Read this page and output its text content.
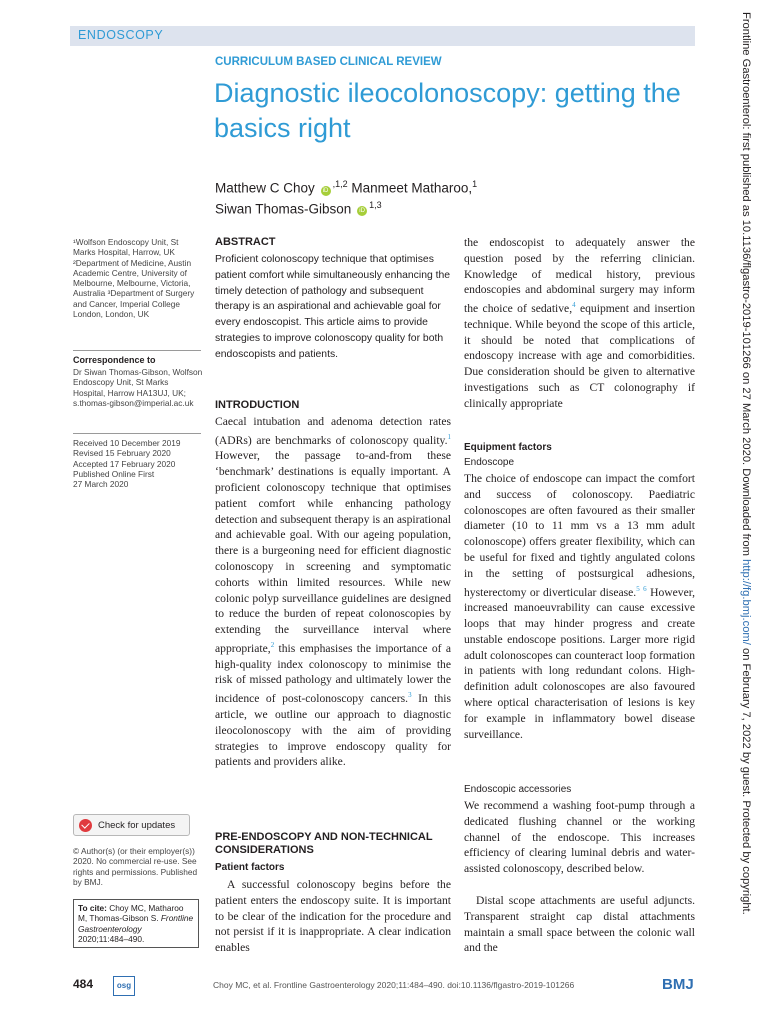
ENDOSCOPY
CURRICULUM BASED CLINICAL REVIEW
Diagnostic ileocolonoscopy: getting the basics right
Matthew C Choy $iD^{,1,2}$ Manmeet Matharoo,$^1$
Siwan Thomas-Gibson iD$^{1,3}$
¹Wolfson Endoscopy Unit, St Marks Hospital, Harrow, UK ²Department of Medicine, Austin Academic Centre, University of Melbourne, Melbourne, Victoria, Australia ³Department of Surgery and Cancer, Imperial College London, London, UK
Correspondence to
Dr Siwan Thomas-Gibson, Wolfson Endoscopy Unit, St Marks Hospital, Harrow HA13UJ, UK; s.thomas-gibson@imperial.ac.uk
Received 10 December 2019
Revised 15 February 2020
Accepted 17 February 2020
Published Online First
27 March 2020
Check for updates
© Author(s) (or their employer(s)) 2020. No commercial re-use. See rights and permissions. Published by BMJ.
To cite: Choy MC, Matharoo M, Thomas-Gibson S. Frontline Gastroenterology 2020;11:484–490.
ABSTRACT

Proficient colonoscopy technique that optimises patient comfort while simultaneously enhancing the timely detection of pathology and subsequent therapy is an aspirational and achievable goal for every endoscopist. This article aims to provide strategies to improve colonoscopy quality for both endoscopists and patients.

INTRODUCTION

Caecal intubation and adenoma detection rates (ADRs) are benchmarks of colonoscopy quality.$^1$ However, the passage to-and-from these ‘benchmark’ destinations is equally important. A proficient colonoscopy technique that optimises patient comfort while enhancing pathology detection and subsequent therapy is an aspirational and achievable goal. With our ageing population, there is a burgeoning need for efficient diagnostic colonoscopy in screening and symptomatic cohorts within limited resources. While new colonic polyp surveillance guidelines are designed to reduce the burden of repeat colonoscopies by extending the surveillance interval where appropriate,$^2$ this emphasises the importance of a high-quality index colonoscopy to minimise the risk of missed pathology and ultimately lower the incidence of post-colonoscopy cancers.$^3$ In this article, we outline our approach to diagnostic ileocolonoscopy with the aim of providing strategies to improve endoscopy quality for patients and providers alike.

PRE-ENDOSCOPY AND NON-TECHNICAL CONSIDERATIONS
Patient factors

A successful colonoscopy begins before the patient enters the endoscopy suite. It is important to be clear of the indication for the procedure and not persist if it is inappropriate. A clear indication enables

the endoscopist to adequately answer the question posed by the referring clinician. Knowledge of medical history, previous endoscopies and abdominal surgery may inform the choice of sedative,$^4$ equipment and insertion technique. While beyond the scope of this article, it should be noted that complications of endoscopy increase with age and comorbidities. Due consideration should be given to alternative investigations such as CT colonography if clinically appropriate

Equipment factors
Endoscope

The choice of endoscope can impact the comfort and success of colonoscopy. Paediatric colonoscopes are often favoured as their smaller diameter (10 to 11 mm vs a 13 mm adult colonoscope) offers greater flexibility, which can be useful for fixed and tightly angulated colons in the setting of postsurgical adhesions, hysterectomy or diverticular disease.$^5$ $^6$ However, increased manoeuvrability can cause excessive loops that may hinder progress and create unstable endoscope positions. Larger more rigid adult colonoscopes can counteract loop formation in patients with long redundant colons. High-definition adult colonoscopes are also favoured where optical characterisation of lesions is key for example in inflammatory bowel disease surveillance.

Endoscopic accessories

We recommend a washing foot-pump through a dedicated flushing channel or the working channel of the endoscope. This increases efficiency of clearing luminal debris and water-assisted colonoscopy, described below.

Distal scope attachments are useful adjuncts. Transparent straight cap distal attachments maintain a small space between the colonic wall and the

484	osg	Choy MC, et al. Frontline Gastroenterology 2020;11:484–490. doi:10.1136/flgastro-2019-101266	BMJ
Frontline Gastroenterol: first published as 10.1136/flgastro-2019-101266 on 27 March 2020. Downloaded from http://fg.bmj.com/ on February 7, 2022 by guest. Protected by copyright.
